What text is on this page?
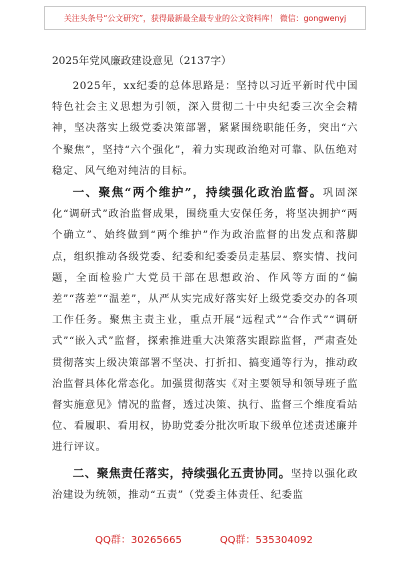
关注头条号“公文研究”，获得最新最全最专业的公文资料库！ 微信：gongwenyj
2025年党风廉政建设意见（2137字）

2025年，xx纪委的总体思路是：坚持以习近平新时代中国特色社会主义思想为引领，深入贯彻二十中央纪委三次全会精神，坚决落实上级党委决策部署，紧紧围绕职能任务，突出“六个聚焦”，坚持“六个强化”，着力实现政治绝对可靠、队伍绝对稳定、风气绝对纯洁的目标。

一、聚焦“两个维护”，持续强化政治监督。巩固深化“调研式”政治监督成果，围绕重大安保任务，将坚决拥护“两个确立”、始终做到“两个维护”作为政治监督的出发点和落脚点，组织推动各级党委、纪委和纪委委员走基层、察实情、找问题，全面检验广大党员干部在思想政治、作风等方面的“偏差”“落差”“温差”，从严从实完成好落实好上级党委交办的各项工作任务。聚焦主责主业，重点开展“远程式”“合作式”“调研式”“嵌入式”监督，探索推进重大决策落实跟踪监督，严肃查处贯彻落实上级决策部署不坚决、打折扣、搞变通等行为，推动政治监督具体化常态化。加强贯彻落实《对主要领导和领导班子监督实施意见》情况的监督，透过决策、执行、监督三个维度看站位、看履职、看用权，协助党委分批次听取下级单位述责述廉并进行评议。

二、聚焦责任落实，持续强化五责协同。坚持以强化政治建设为统领，推动“五责”（党委主体责任、纪委监

QQ群：30265665	QQ群：535304092
